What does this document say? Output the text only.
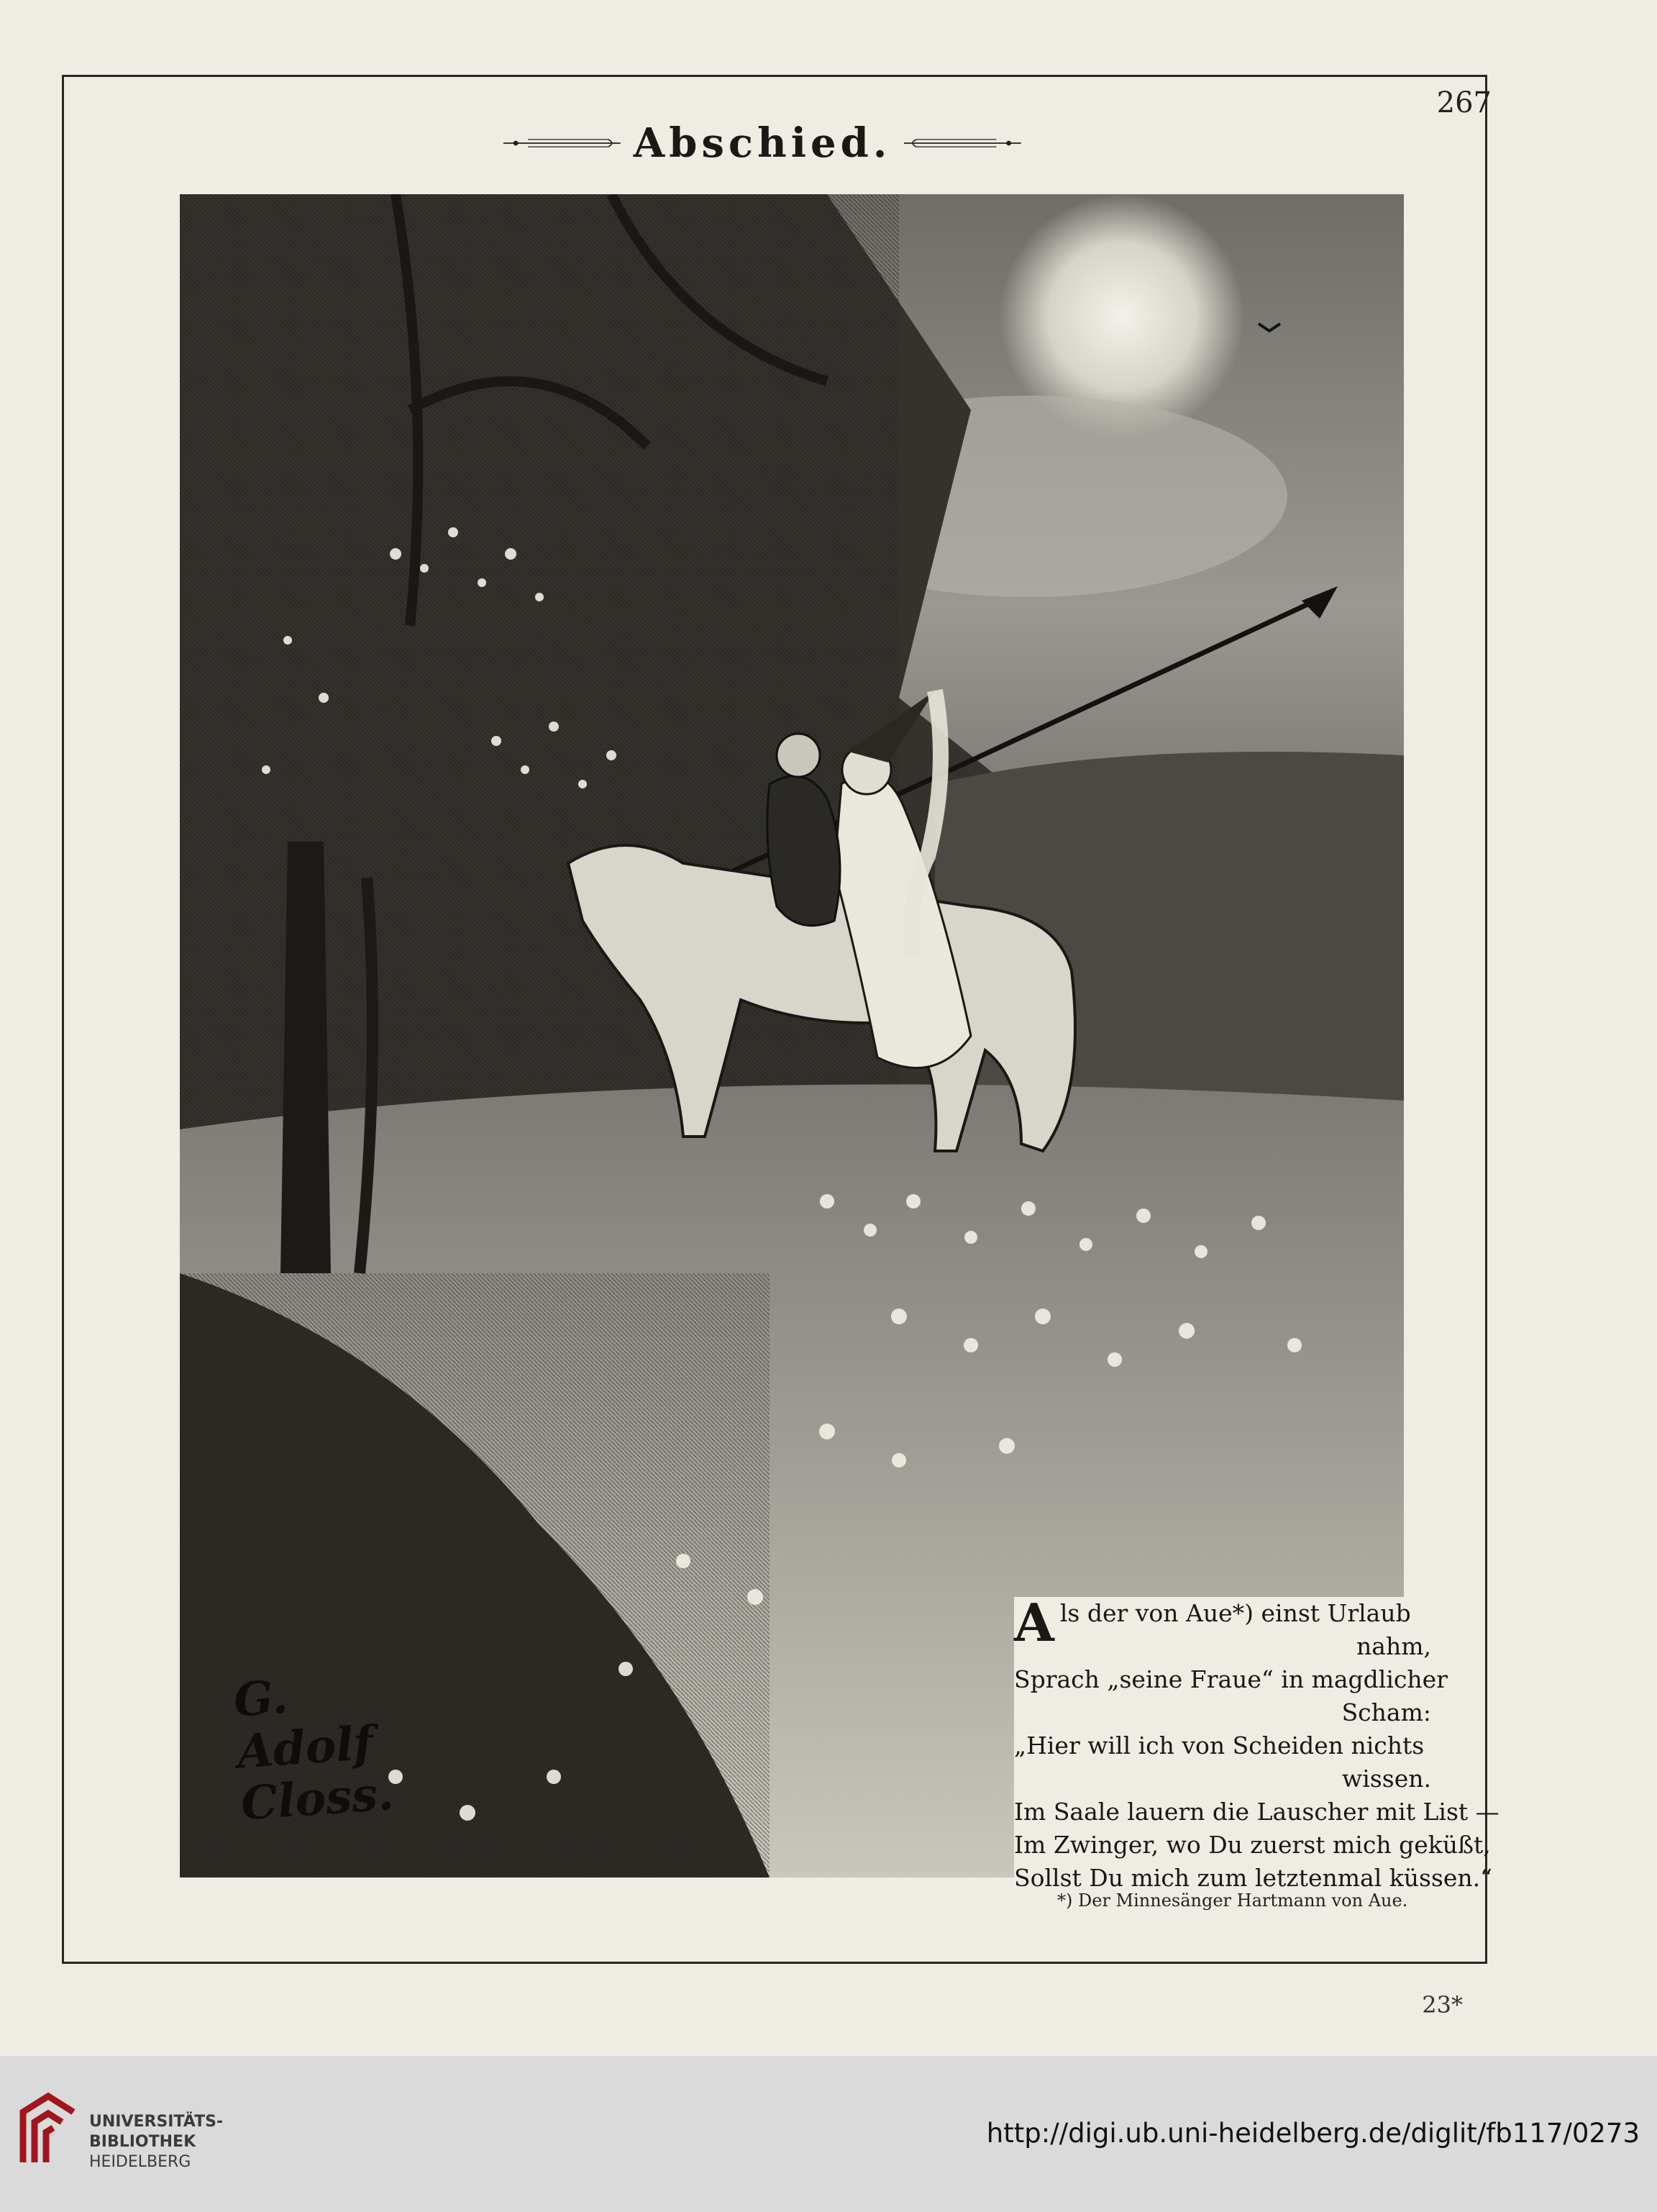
267
Abschied.
G.
Adolf
Closs.
A ls der von Aue*) einst Urlaub
nahm,
Sprach „seine Fraue“ in magdlicher
Scham:
„Hier will ich von Scheiden nichts
wissen.
Im Saale lauern die Lauscher mit List —
Im Zwinger, wo Du zuerst mich geküßt,
Sollst Du mich zum letztenmal küssen.“
*) Der Minnesänger Hartmann von Aue.
23*
UNIVERSITÄTS-
BIBLIOTHEK
HEIDELBERG
http://digi.ub.uni-heidelberg.de/diglit/fb117/0273
